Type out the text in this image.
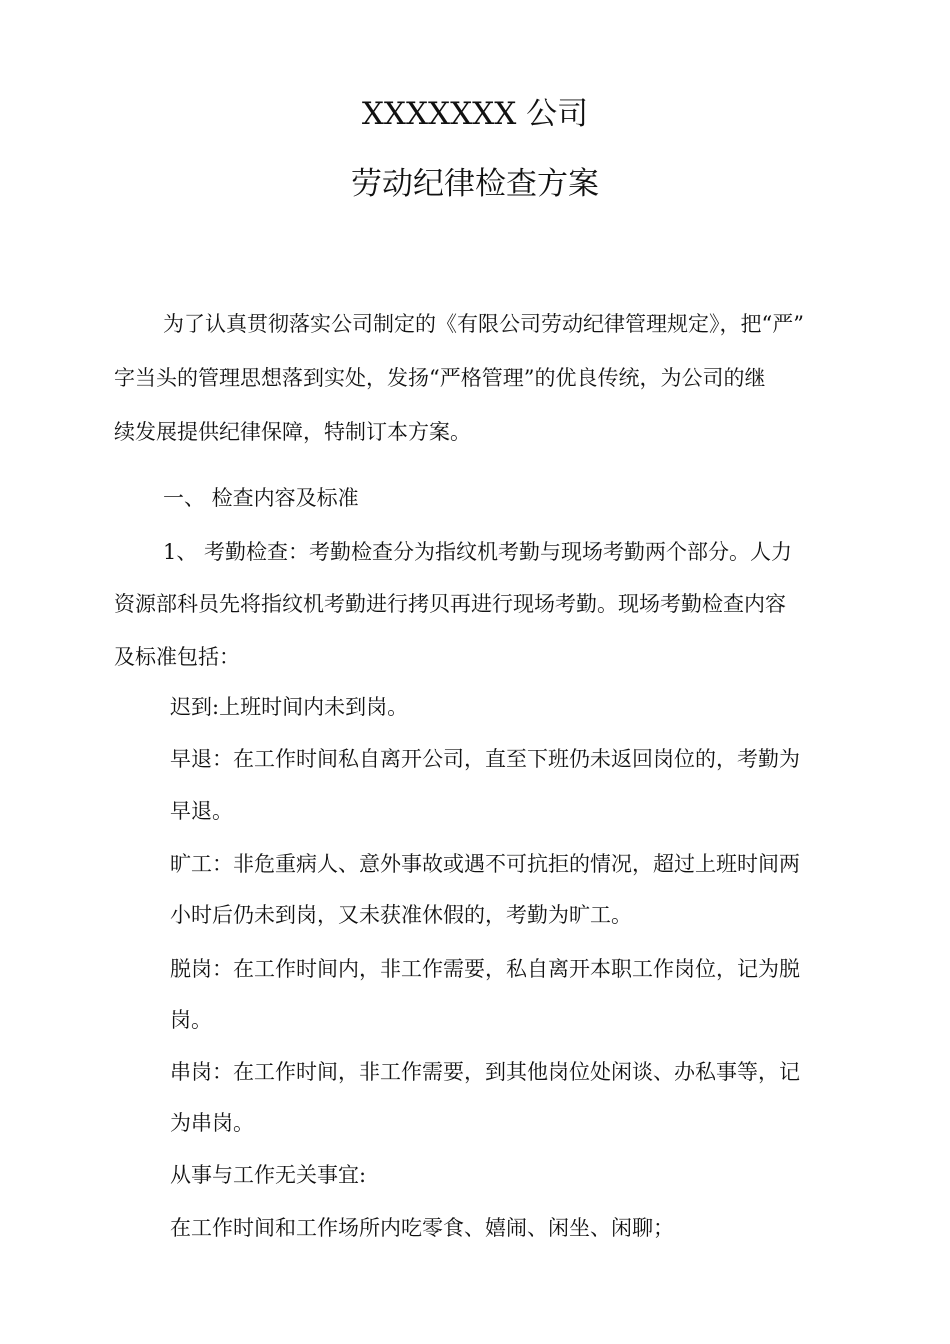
XXXXXXX 公司
劳动纪律检查方案
为了认真贯彻落实公司制定的《有限公司劳动纪律管理规定》，把“严”
字当头的管理思想落到实处，发扬“严格管理”的优良传统，为公司的继
续发展提供纪律保障，特制订本方案。
一、 检查内容及标准
1、 考勤检查：考勤检查分为指纹机考勤与现场考勤两个部分。人力
资源部科员先将指纹机考勤进行拷贝再进行现场考勤。现场考勤检查内容
及标准包括：
迟到:上班时间内未到岗。
早退：在工作时间私自离开公司，直至下班仍未返回岗位的，考勤为
早退。
旷工：非危重病人、意外事故或遇不可抗拒的情况，超过上班时间两
小时后仍未到岗，又未获准休假的，考勤为旷工。
脱岗：在工作时间内，非工作需要，私自离开本职工作岗位，记为脱
岗。
串岗：在工作时间，非工作需要，到其他岗位处闲谈、办私事等，记
为串岗。
从事与工作无关事宜:
在工作时间和工作场所内吃零食、嬉闹、闲坐、闲聊；
